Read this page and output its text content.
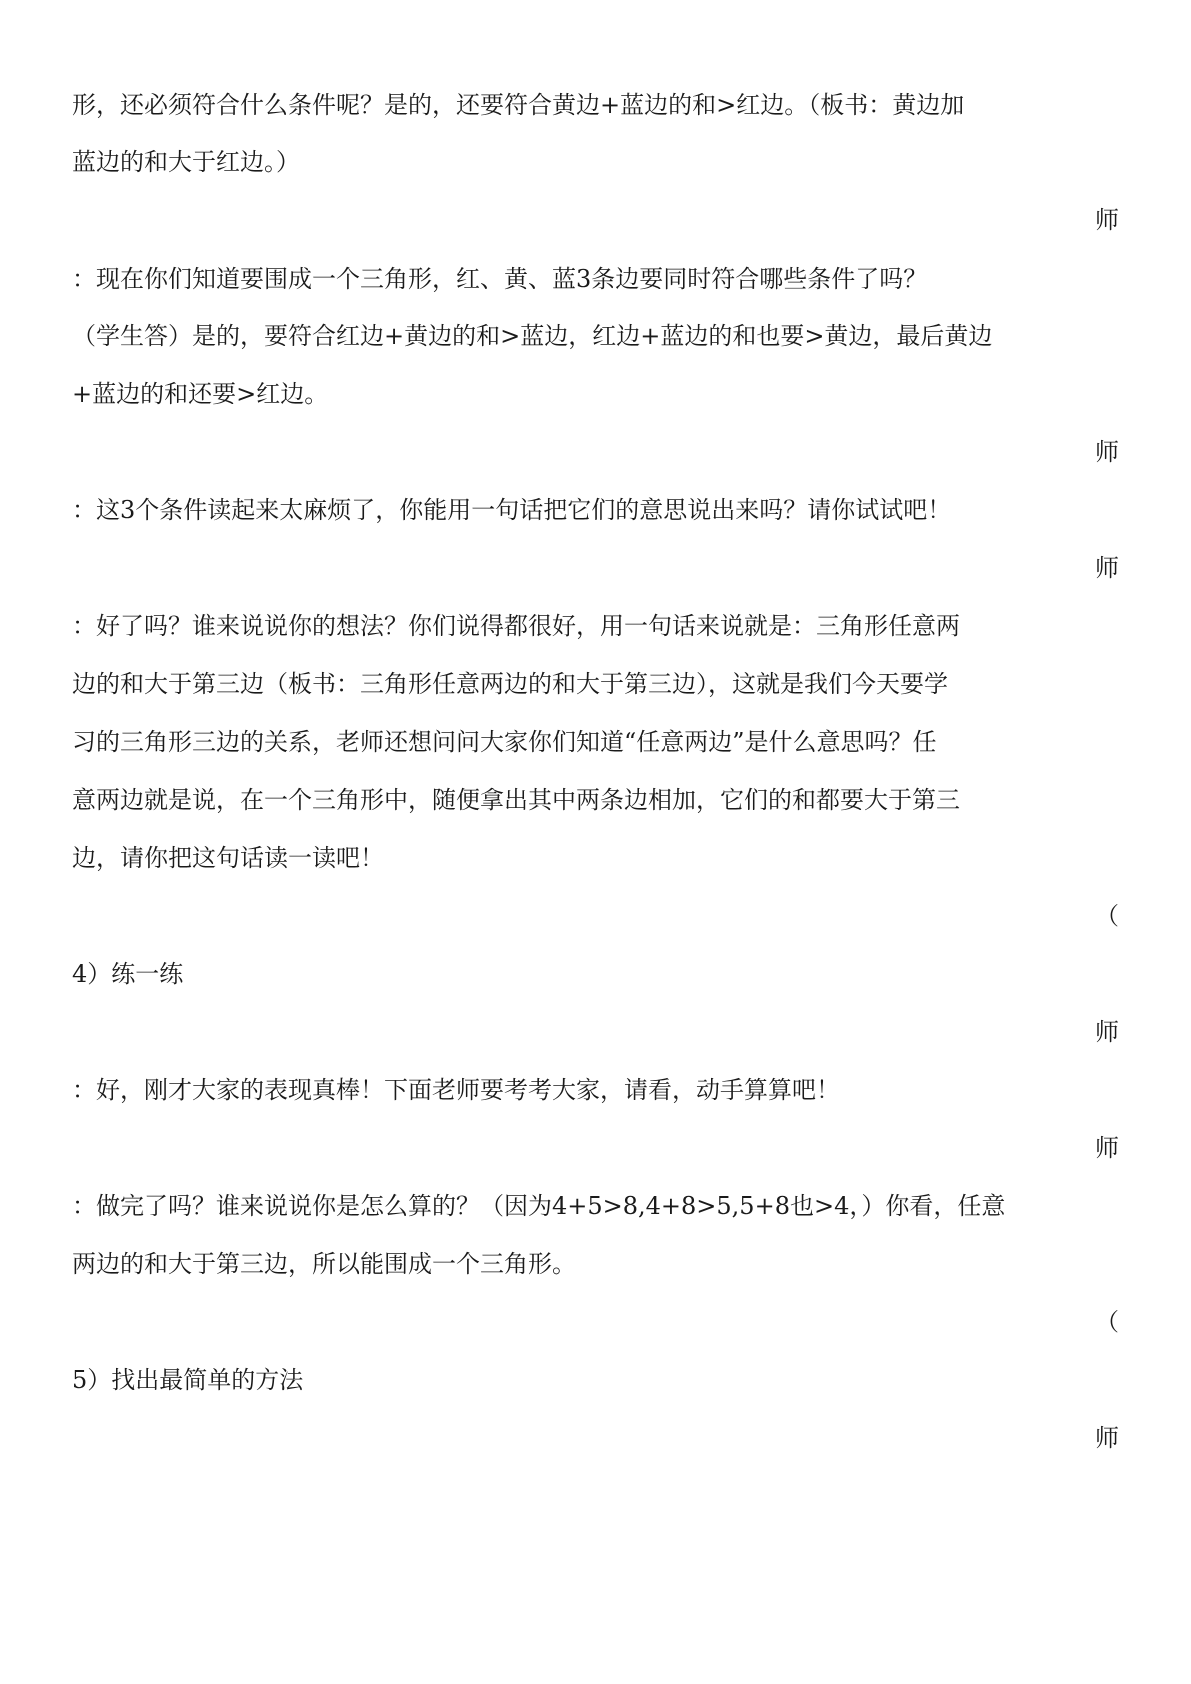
形，还必须符合什么条件呢？是的，还要符合黄边+蓝边的和>红边。（板书：黄边加
蓝边的和大于红边。）
师
：现在你们知道要围成一个三角形，红、黄、蓝3条边要同时符合哪些条件了吗？
（学生答）是的，要符合红边+黄边的和>蓝边，红边+蓝边的和也要>黄边，最后黄边
+蓝边的和还要>红边。
师
：这3个条件读起来太麻烦了，你能用一句话把它们的意思说出来吗？请你试试吧！
师
：好了吗？谁来说说你的想法？你们说得都很好，用一句话来说就是：三角形任意两
边的和大于第三边（板书：三角形任意两边的和大于第三边），这就是我们今天要学
习的三角形三边的关系，老师还想问问大家你们知道“任意两边”是什么意思吗？任
意两边就是说，在一个三角形中，随便拿出其中两条边相加，它们的和都要大于第三
边，请你把这句话读一读吧！
（
4）练一练
师
：好，刚才大家的表现真棒！下面老师要考考大家，请看，动手算算吧！
师
：做完了吗？谁来说说你是怎么算的？（因为4+5>8,4+8>5,5+8也>4，）你看，任意
两边的和大于第三边，所以能围成一个三角形。
（
5）找出最简单的方法
师
